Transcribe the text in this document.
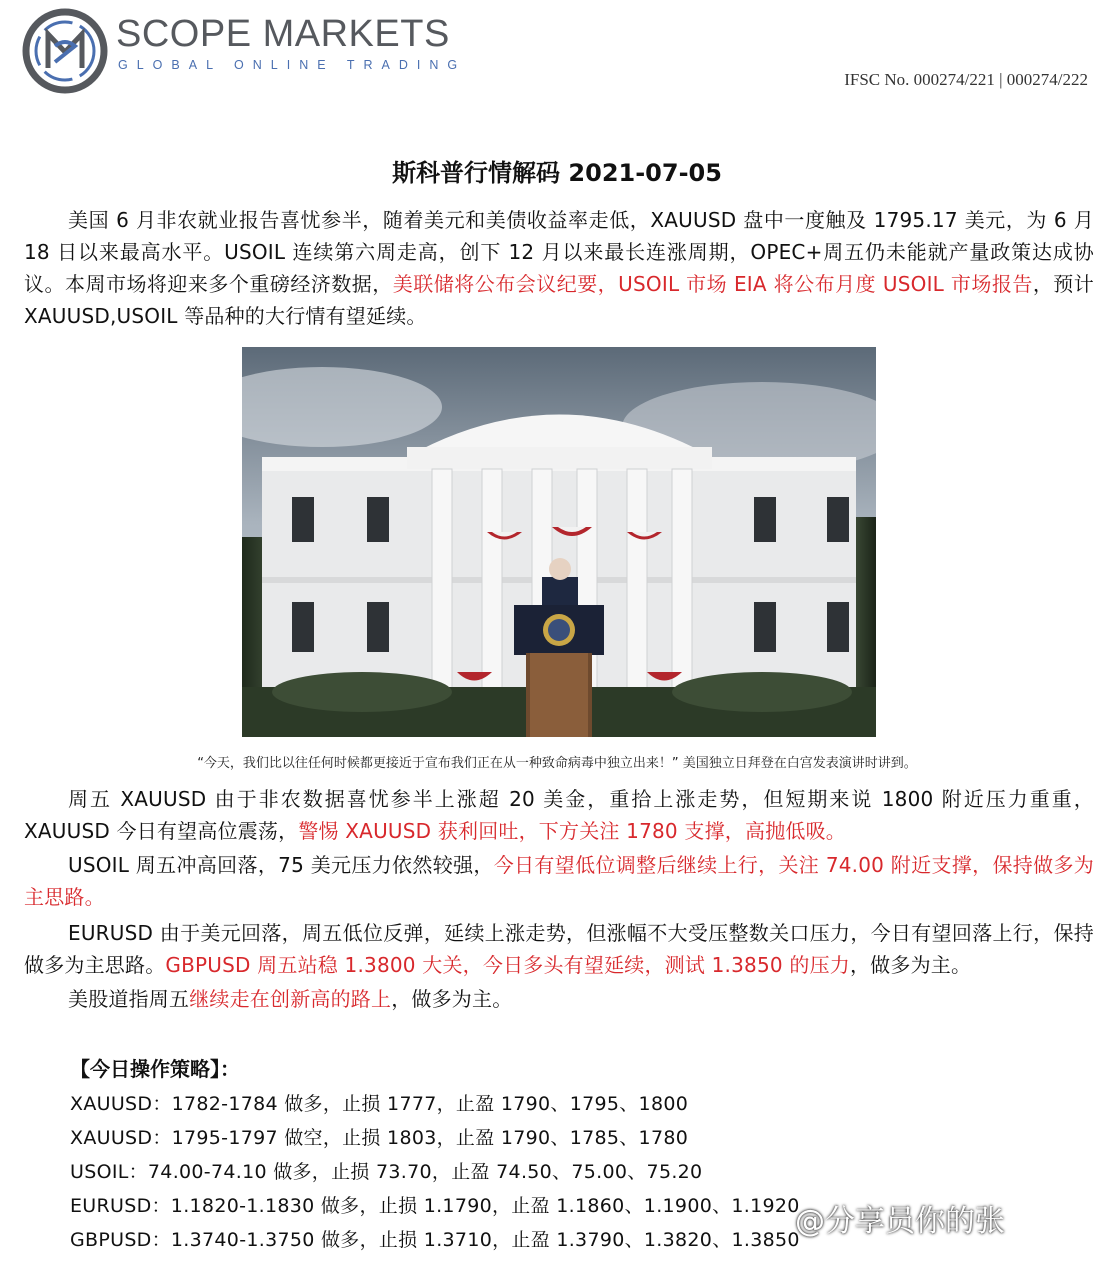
SCOPE MARKETS
GLOBAL ONLINE TRADING
IFSC No. 000274/221 | 000274/222
斯科普行情解码 2021-07-05
美国 6 月非农就业报告喜忧参半，随着美元和美债收益率走低，XAUUSD 盘中一度触及 1795.17 美元，为 6 月 18 日以来最高水平。USOIL 连续第六周走高，创下 12 月以来最长连涨周期，OPEC+周五仍未能就产量政策达成协议。本周市场将迎来多个重磅经济数据，美联储将公布会议纪要，USOIL 市场 EIA 将公布月度 USOIL 市场报告，预计 XAUUSD,USOIL 等品种的大行情有望延续。
“今天，我们比以往任何时候都更接近于宣布我们正在从一种致命病毒中独立出来！” 美国独立日拜登在白宫发表演讲时讲到。
周五 XAUUSD 由于非农数据喜忧参半上涨超 20 美金，重拾上涨走势，但短期来说 1800 附近压力重重，XAUUSD 今日有望高位震荡，警惕 XAUUSD 获利回吐，下方关注 1780 支撑，高抛低吸。
USOIL 周五冲高回落，75 美元压力依然较强，今日有望低位调整后继续上行，关注 74.00 附近支撑，保持做多为主思路。
EURUSD 由于美元回落，周五低位反弹，延续上涨走势，但涨幅不大受压整数关口压力，今日有望回落上行，保持做多为主思路。GBPUSD 周五站稳 1.3800 大关，今日多头有望延续，测试 1.3850 的压力，做多为主。
美股道指周五继续走在创新高的路上，做多为主。
【今日操作策略】：
XAUUSD：1782-1784 做多，止损 1777，止盈 1790、1795、1800
XAUUSD：1795-1797 做空，止损 1803，止盈 1790、1785、1780
USOIL：74.00-74.10 做多，止损 73.70，止盈 74.50、75.00、75.20
EURUSD：1.1820-1.1830 做多，止损 1.1790，止盈 1.1860、1.1900、1.1920
GBPUSD：1.3740-1.3750 做多，止损 1.3710，止盈 1.3790、1.3820、1.3850
@分享员你的张
